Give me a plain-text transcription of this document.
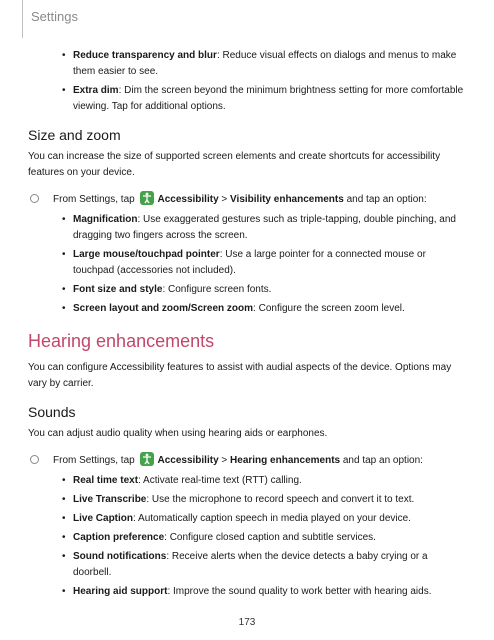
Settings
• Reduce transparency and blur: Reduce visual effects on dialogs and menus to make them easier to see.
• Extra dim: Dim the screen beyond the minimum brightness setting for more comfortable viewing. Tap for additional options.
Size and zoom

You can increase the size of supported screen elements and create shortcuts for accessibility features on your device.

From Settings, tap Accessibility > Visibility enhancements and tap an option:
• Magnification: Use exaggerated gestures such as triple-tapping, double pinching, and dragging two fingers across the screen.
• Large mouse/touchpad pointer: Use a large pointer for a connected mouse or touchpad (accessories not included).
• Font size and style: Configure screen fonts.
• Screen layout and zoom/Screen zoom: Configure the screen zoom level.
Hearing enhancements

You can configure Accessibility features to assist with audial aspects of the device. Options may vary by carrier.

Sounds

You can adjust audio quality when using hearing aids or earphones.

From Settings, tap Accessibility > Hearing enhancements and tap an option:
• Real time text: Activate real-time text (RTT) calling.
• Live Transcribe: Use the microphone to record speech and convert it to text.
• Live Caption: Automatically caption speech in media played on your device.
• Caption preference: Configure closed caption and subtitle services.
• Sound notifications: Receive alerts when the device detects a baby crying or a doorbell.
• Hearing aid support: Improve the sound quality to work better with hearing aids.
173
